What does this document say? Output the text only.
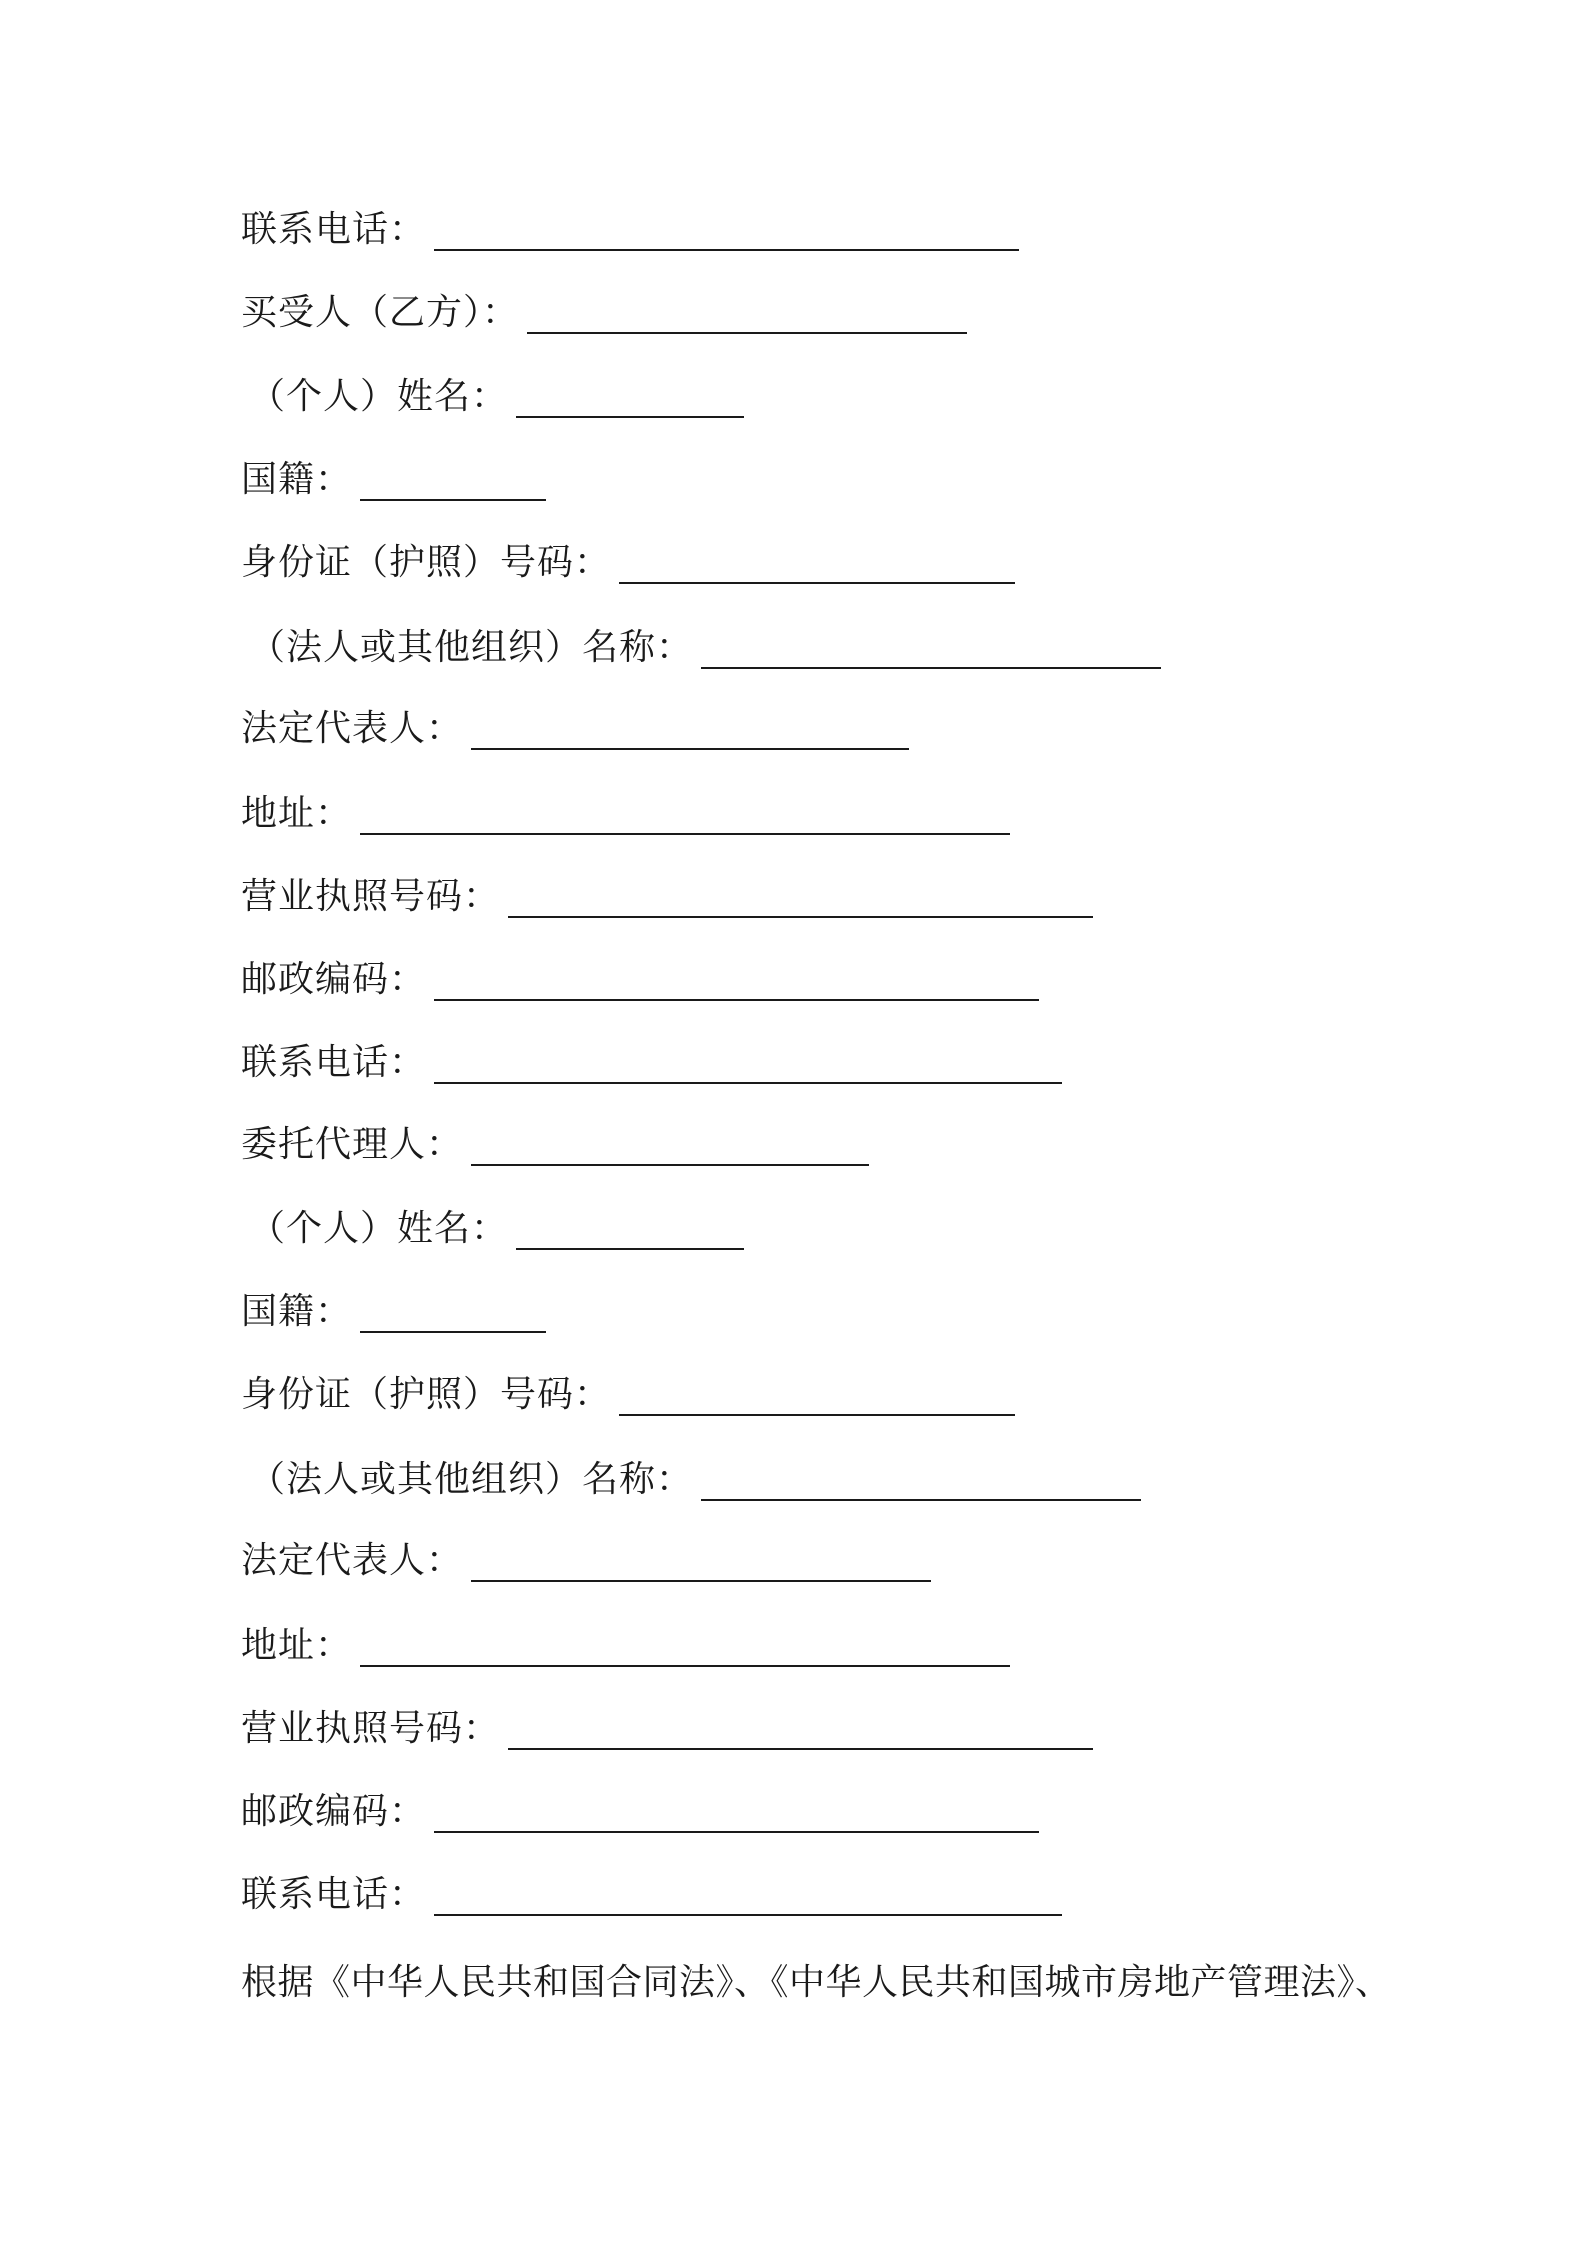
联系电话：
买受人（乙方）：
（个人）姓名：
国籍：
身份证（护照）号码：
（法人或其他组织）名称：
法定代表人：
地址：
营业执照号码：
邮政编码：
联系电话：
委托代理人：
（个人）姓名：
国籍：
身份证（护照）号码：
（法人或其他组织）名称：
法定代表人：
地址：
营业执照号码：
邮政编码：
联系电话：
根据《中华人民共和国合同法》、《中华人民共和国城市房地产管理法》、
